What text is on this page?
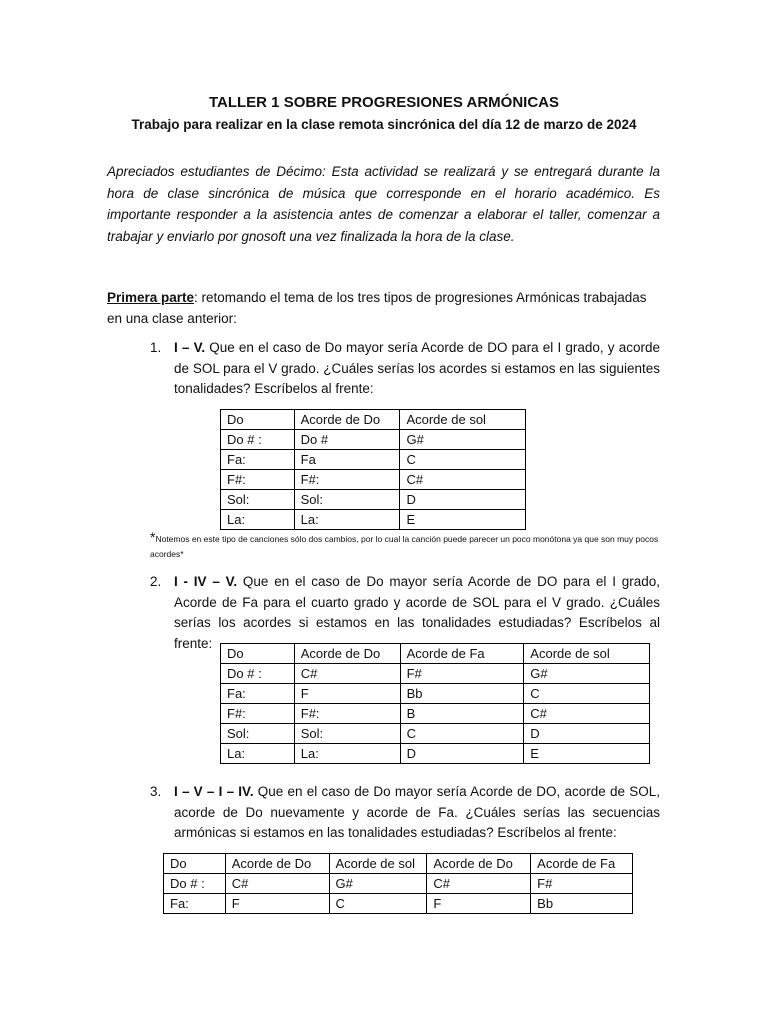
TALLER 1 SOBRE PROGRESIONES ARMÓNICAS
Trabajo para realizar en la clase remota sincrónica del día 12 de marzo de 2024

Apreciados estudiantes de Décimo: Esta actividad se realizará y se entregará durante la hora de clase sincrónica de música que corresponde en el horario académico. Es importante responder a la asistencia antes de comenzar a elaborar el taller, comenzar a trabajar y enviarlo por gnosoft una vez finalizada la hora de la clase.

Primera parte: retomando el tema de los tres tipos de progresiones Armónicas trabajadas en una clase anterior:

1. I – V. Que en el caso de Do mayor sería Acorde de DO para el I grado, y acorde de SOL para el V grado. ¿Cuáles serías los acordes si estamos en las siguientes tonalidades? Escríbelos al frente:
Do	Acorde de Do	Acorde de sol
Do # :	Do #	G#
Fa:	Fa	C
F#:	F#:	C#
Sol:	Sol:	D
La:	La:	E

*Notemos en este tipo de canciones sólo dos cambios, por lo cual la canción puede parecer un poco monótona ya que son muy pocos acordes*

2. I - IV – V. Que en el caso de Do mayor sería Acorde de DO para el I grado, Acorde de Fa para el cuarto grado y acorde de SOL para el V grado. ¿Cuáles serías los acordes si estamos en las tonalidades estudiadas? Escríbelos al frente:
Do	Acorde de Do	Acorde de Fa	Acorde de sol
Do # :	C#	F#	G#
Fa:	F	Bb	C
F#:	F#:	B	C#
Sol:	Sol:	C	D
La:	La:	D	E
3. I – V – I – IV. Que en el caso de Do mayor sería Acorde de DO, acorde de SOL, acorde de Do nuevamente y acorde de Fa. ¿Cuáles serías las secuencias armónicas si estamos en las tonalidades estudiadas? Escríbelos al frente:
Do	Acorde de Do	Acorde de sol	Acorde de Do	Acorde de Fa
Do # :	C#	G#	C#	F#
Fa:	F	C	F	Bb
